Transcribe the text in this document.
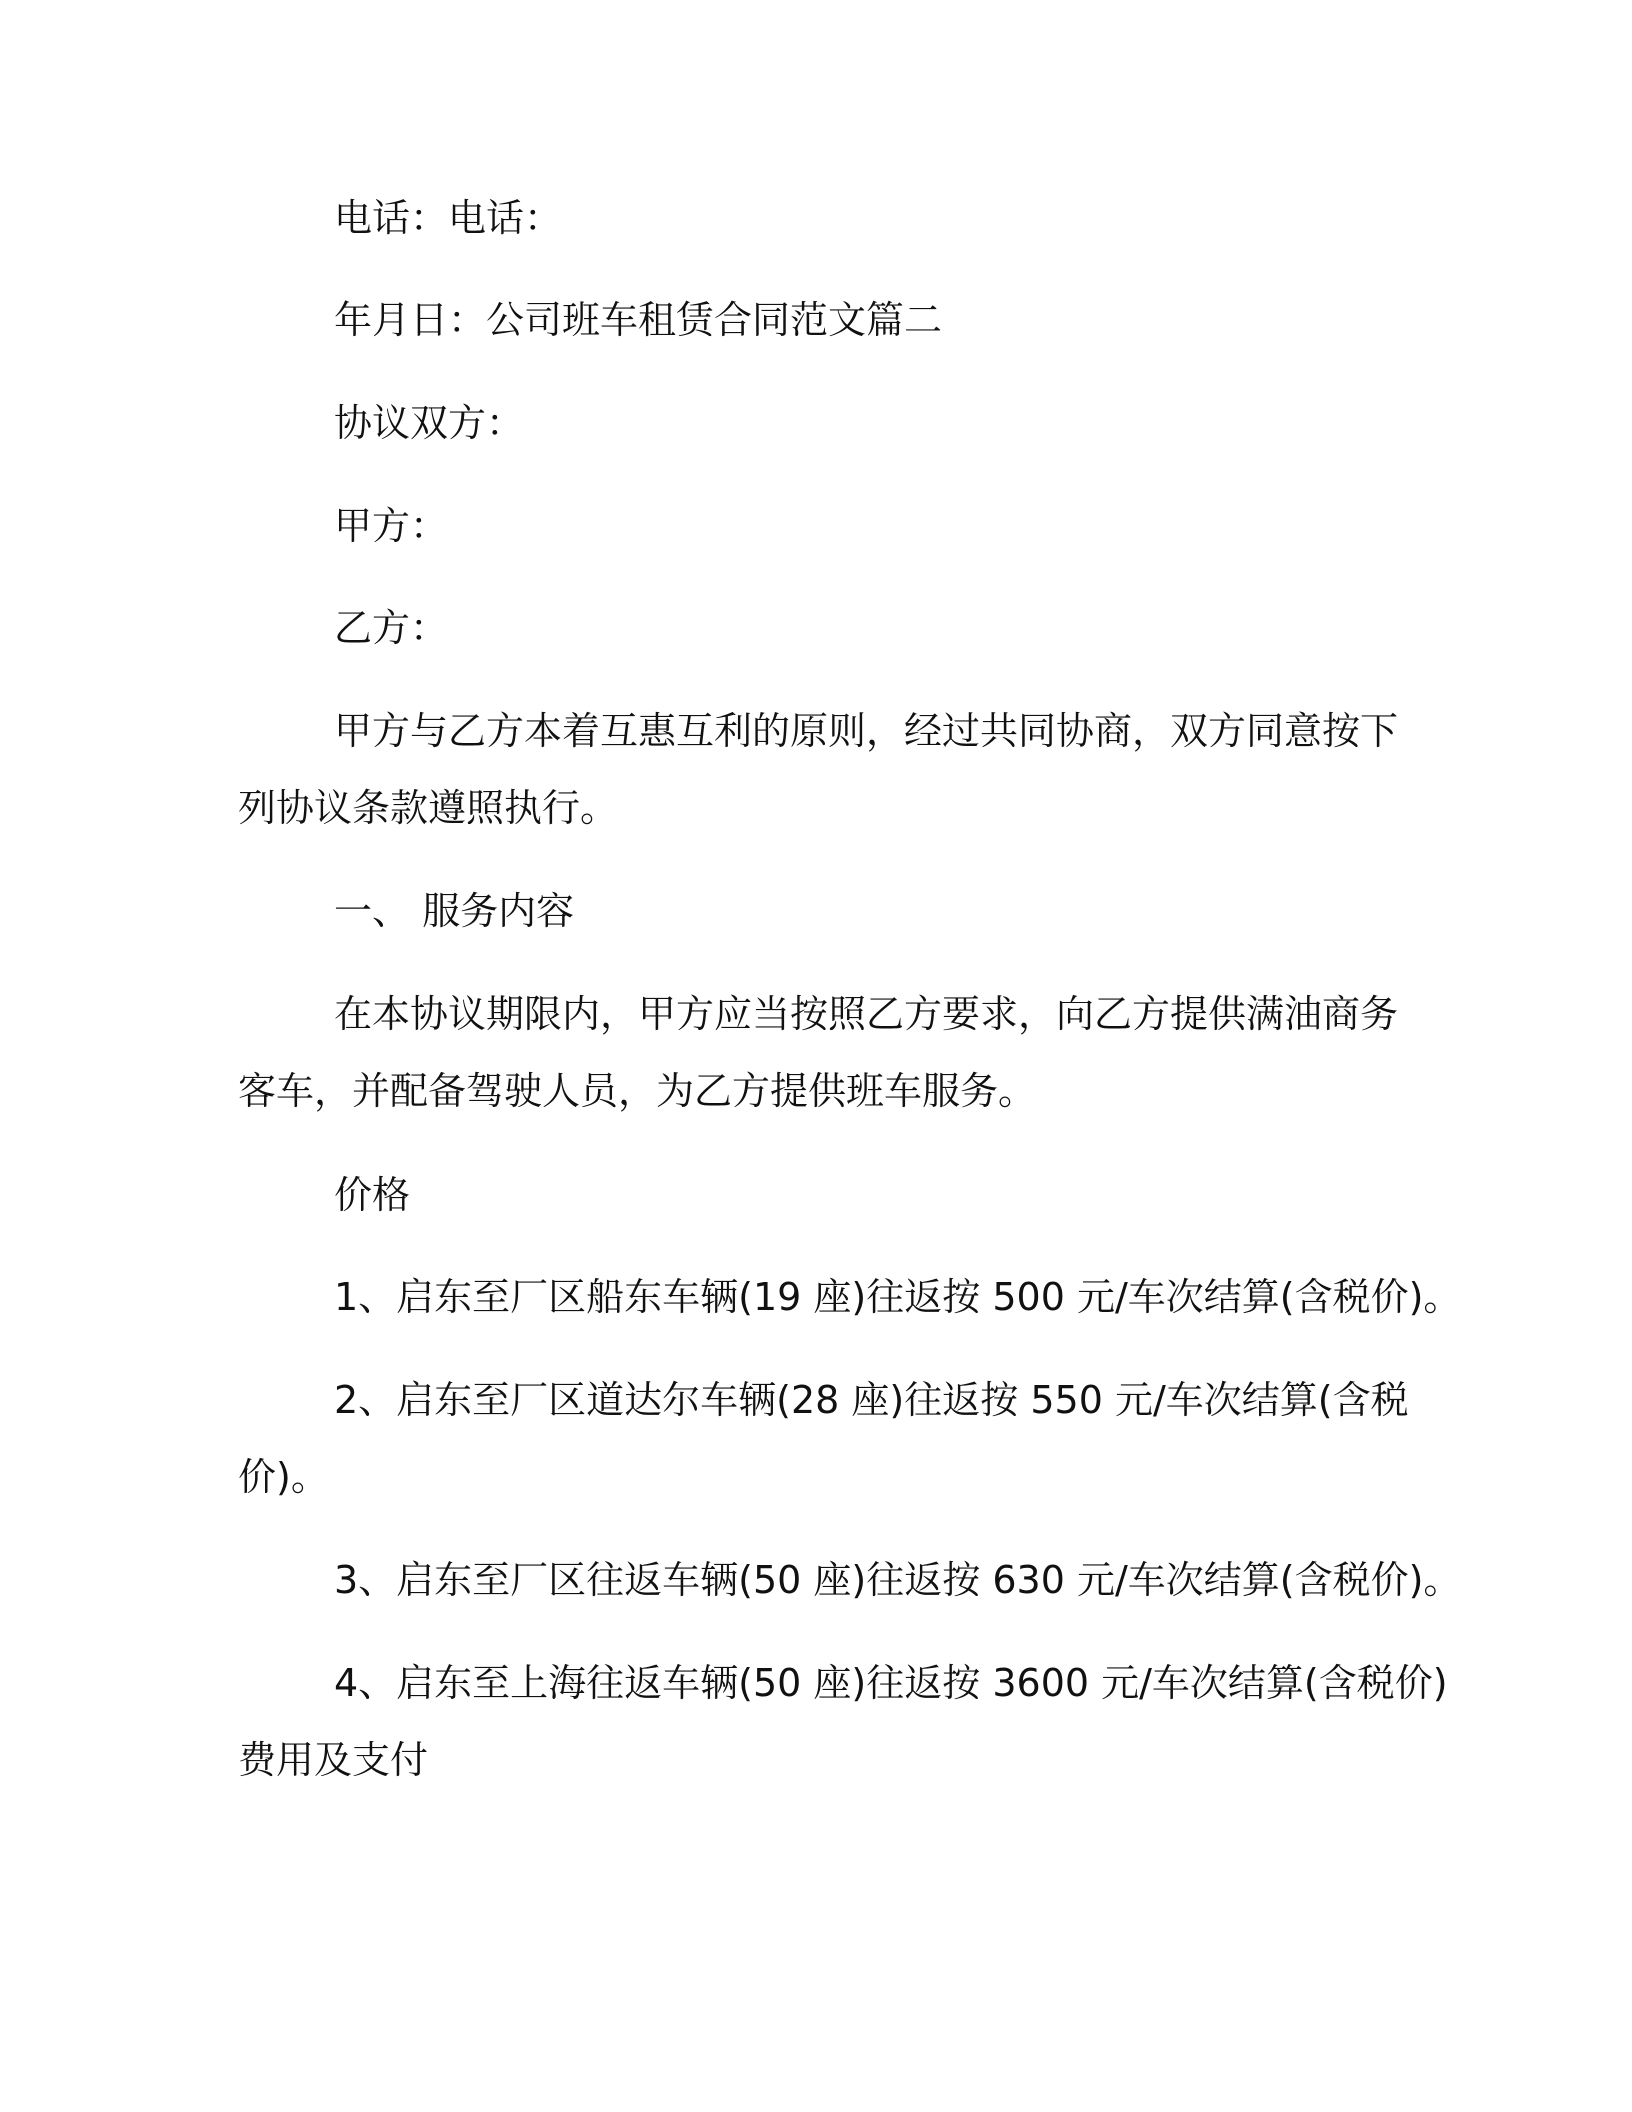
电话：电话：

年月日：公司班车租赁合同范文篇二

协议双方：

甲方：

乙方：

甲方与乙方本着互惠互利的原则，经过共同协商，双方同意按下
列协议条款遵照执行。

一、 服务内容

在本协议期限内，甲方应当按照乙方要求，向乙方提供满油商务
客车，并配备驾驶人员，为乙方提供班车服务。

价格

1、启东至厂区船东车辆(19 座)往返按 500 元/车次结算(含税价)。

2、启东至厂区道达尔车辆(28 座)往返按 550 元/车次结算(含税
价)。

3、启东至厂区往返车辆(50 座)往返按 630 元/车次结算(含税价)。

4、启东至上海往返车辆(50 座)往返按 3600 元/车次结算(含税价)
费用及支付
